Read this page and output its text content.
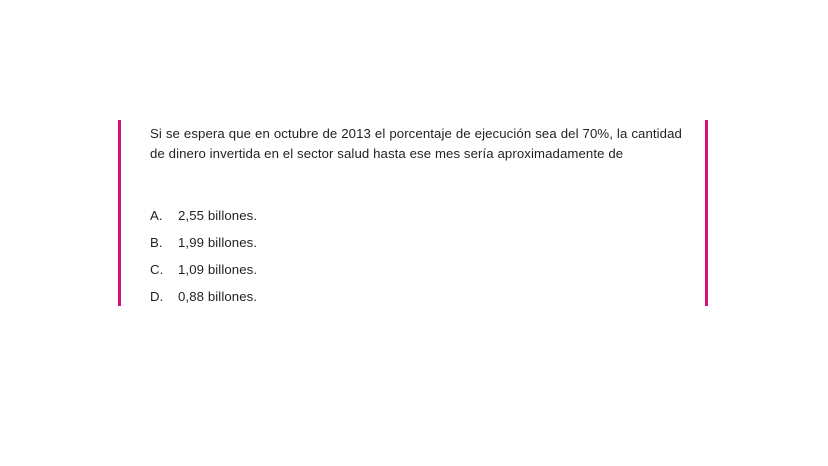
Si se espera que en octubre de 2013 el porcentaje de ejecución sea del 70%, la cantidad de dinero invertida en el sector salud hasta ese mes sería aproximadamente de
A.	2,55 billones.
B.	1,99 billones.
C.	1,09 billones.
D.	0,88 billones.
